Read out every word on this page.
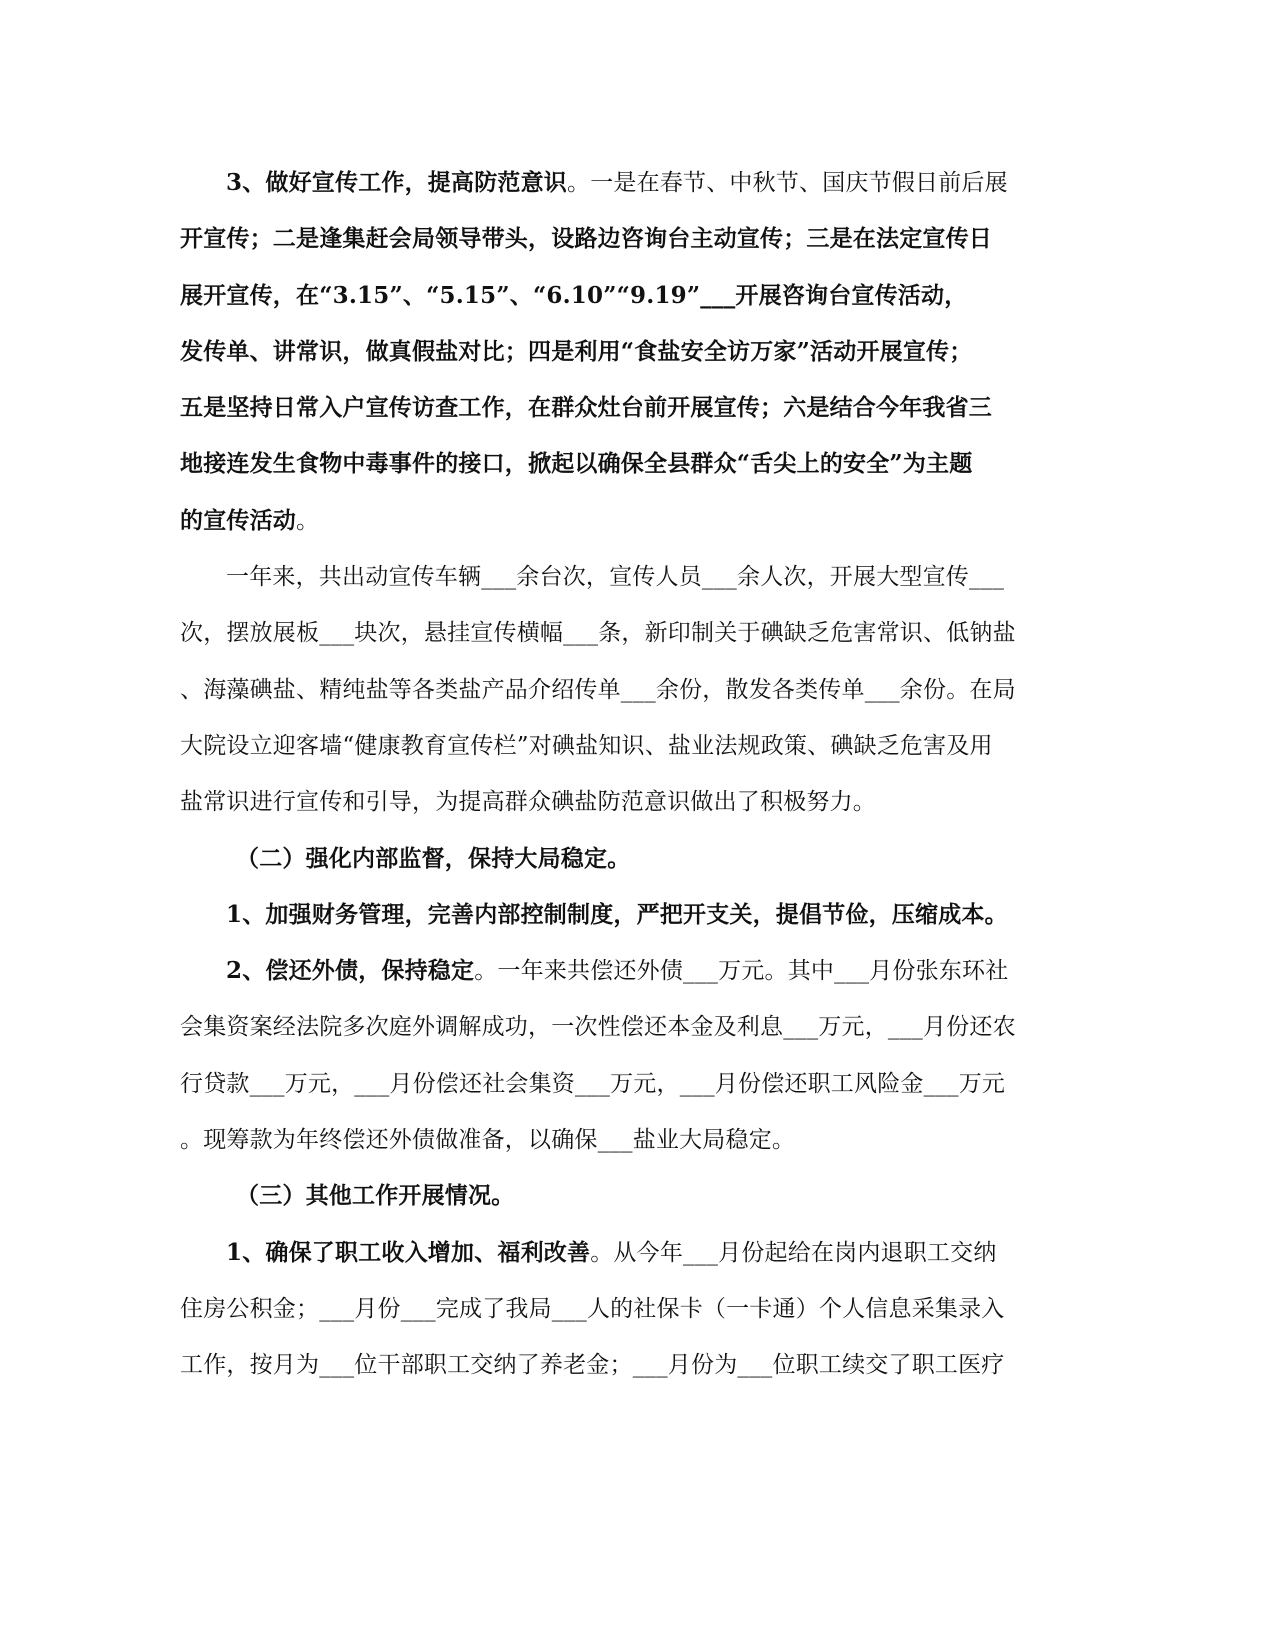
3、做好宣传工作，提高防范意识。一是在春节、中秋节、国庆节假日前后展
开宣传；二是逢集赶会局领导带头，设路边咨询台主动宣传；三是在法定宣传日
展开宣传，在“3.15”、“5.15”、“6.10”“9.19”___开展咨询台宣传活动，
发传单、讲常识，做真假盐对比；四是利用“食盐安全访万家”活动开展宣传；
五是坚持日常入户宣传访查工作，在群众灶台前开展宣传；六是结合今年我省三
地接连发生食物中毒事件的接口，掀起以确保全县群众“舌尖上的安全”为主题
的宣传活动。
一年来，共出动宣传车辆___余台次，宣传人员___余人次，开展大型宣传___
次，摆放展板___块次，悬挂宣传横幅___条，新印制关于碘缺乏危害常识、低钠盐
、海藻碘盐、精纯盐等各类盐产品介绍传单___余份，散发各类传单___余份。在局
大院设立迎客墙“健康教育宣传栏”对碘盐知识、盐业法规政策、碘缺乏危害及用
盐常识进行宣传和引导，为提高群众碘盐防范意识做出了积极努力。
（二）强化内部监督，保持大局稳定。
1、加强财务管理，完善内部控制制度，严把开支关，提倡节俭，压缩成本。
2、偿还外债，保持稳定。一年来共偿还外债___万元。其中___月份张东环社
会集资案经法院多次庭外调解成功，一次性偿还本金及利息___万元，___月份还农
行贷款___万元，___月份偿还社会集资___万元，___月份偿还职工风险金___万元
。现筹款为年终偿还外债做准备，以确保___盐业大局稳定。
（三）其他工作开展情况。
1、确保了职工收入增加、福利改善。从今年___月份起给在岗内退职工交纳
住房公积金；___月份___完成了我局___人的社保卡（一卡通）个人信息采集录入
工作，按月为___位干部职工交纳了养老金；___月份为___位职工续交了职工医疗
